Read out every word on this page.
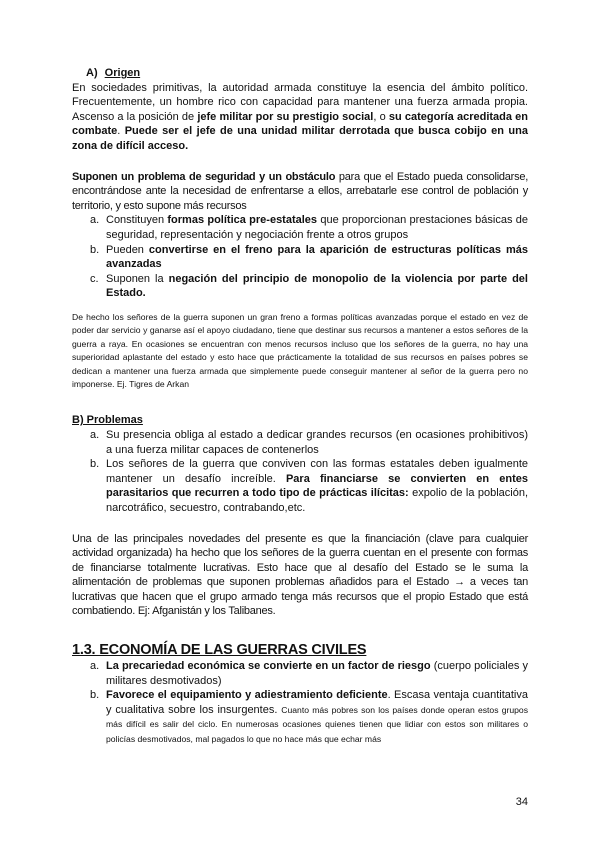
A) Origen

En sociedades primitivas, la autoridad armada constituye la esencia del ámbito político. Frecuentemente, un hombre rico con capacidad para mantener una fuerza armada propia. Ascenso a la posición de jefe militar por su prestigio social, o su categoría acreditada en combate. Puede ser el jefe de una unidad militar derrotada que busca cobijo en una zona de difícil acceso.

Suponen un problema de seguridad y un obstáculo para que el Estado pueda consolidarse, encontrándose ante la necesidad de enfrentarse a ellos, arrebatarle ese control de población y territorio, y esto supone más recursos

a. Constituyen formas política pre-estatales que proporcionan prestaciones básicas de seguridad, representación y negociación frente a otros grupos
b. Pueden convertirse en el freno para la aparición de estructuras políticas más avanzadas
c. Suponen la negación del principio de monopolio de la violencia por parte del Estado.

De hecho los señores de la guerra suponen un gran freno a formas políticas avanzadas porque el estado en vez de poder dar servicio y ganarse así el apoyo ciudadano, tiene que destinar sus recursos a mantener a estos señores de la guerra a raya. En ocasiones se encuentran con menos recursos incluso que los señores de la guerra, no hay una superioridad aplastante del estado y esto hace que prácticamente la totalidad de sus recursos en países pobres se dedican a mantener una fuerza armada que simplemente puede conseguir mantener al señor de la guerra pero no imponerse. Ej. Tigres de Arkan

B) Problemas
a. Su presencia obliga al estado a dedicar grandes recursos (en ocasiones prohibitivos) a una fuerza militar capaces de contenerlos
b. Los señores de la guerra que conviven con las formas estatales deben igualmente mantener un desafío increíble. Para financiarse se convierten en entes parasitarios que recurren a todo tipo de prácticas ilícitas: expolio de la población, narcotráfico, secuestro, contrabando,etc.

Una de las principales novedades del presente es que la financiación (clave para cualquier actividad organizada) ha hecho que los señores de la guerra cuentan en el presente con formas de financiarse totalmente lucrativas. Esto hace que al desafío del Estado se le suma la alimentación de problemas que suponen problemas añadidos para el Estado → a veces tan lucrativas que hacen que el grupo armado tenga más recursos que el propio Estado que está combatiendo. Ej: Afganistán y los Talibanes.

1.3. ECONOMÍA DE LAS GUERRAS CIVILES
a. La precariedad económica se convierte en un factor de riesgo (cuerpo policiales y militares desmotivados)
b. Favorece el equipamiento y adiestramiento deficiente. Escasa ventaja cuantitativa y cualitativa sobre los insurgentes. Cuanto más pobres son los países donde operan estos grupos más difícil es salir del ciclo. En numerosas ocasiones quienes tienen que lidiar con estos son militares o policías desmotivados, mal pagados lo que no hace más que echar más
34
